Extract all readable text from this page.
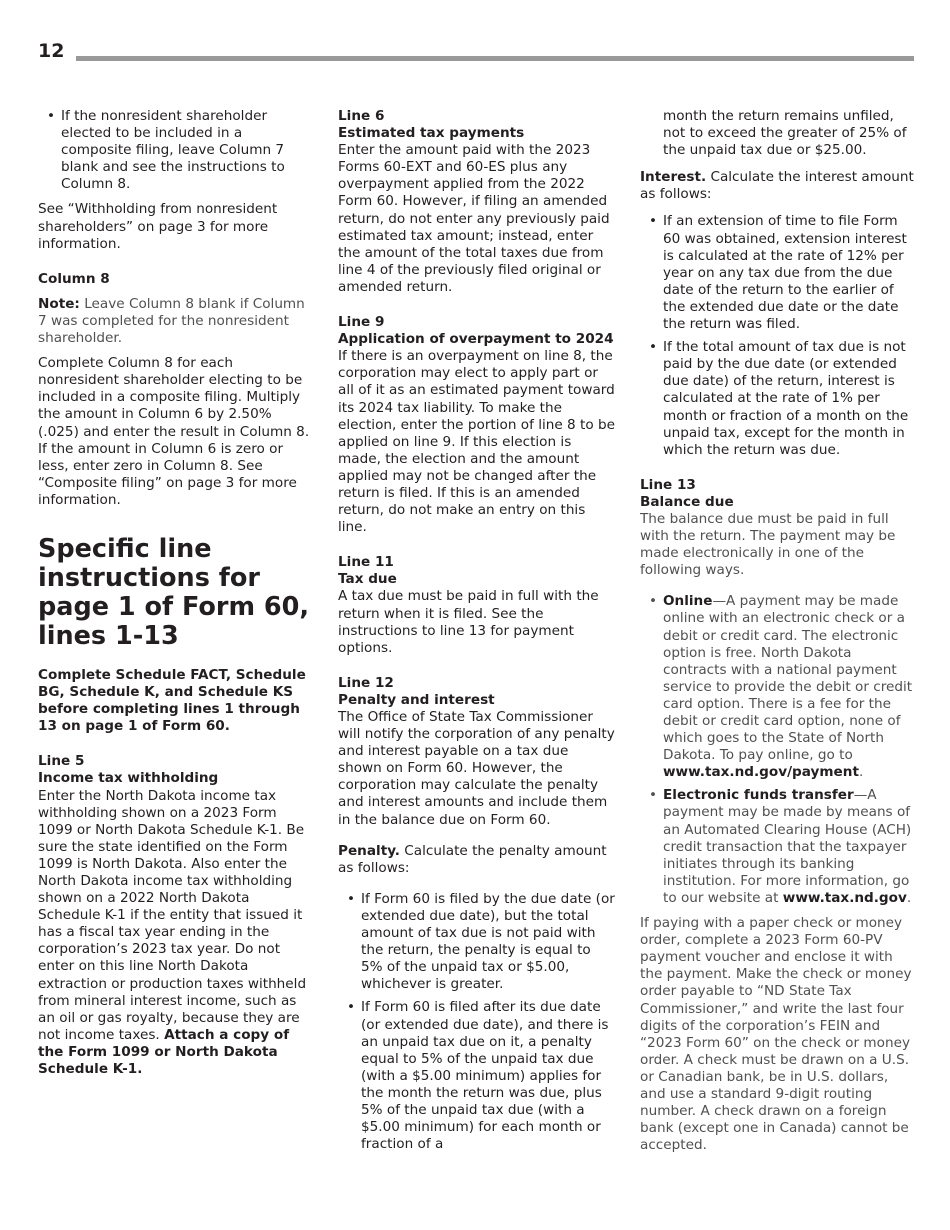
12
• If the nonresident shareholder elected to be included in a composite filing, leave Column 7 blank and see the instructions to Column 8.

See “Withholding from nonresident shareholders” on page 3 for more information.

Column 8

Note: Leave Column 8 blank if Column 7 was completed for the nonresident shareholder.

Complete Column 8 for each nonresident shareholder electing to be included in a composite filing. Multiply the amount in Column 6 by 2.50% (.025) and enter the result in Column 8. If the amount in Column 6 is zero or less, enter zero in Column 8. See “Composite filing” on page 3 for more information.

Specific line instructions for page 1 of Form 60, lines 1-13

Complete Schedule FACT, Schedule BG, Schedule K, and Schedule KS before completing lines 1 through 13 on page 1 of Form 60.

Line 5
Income tax withholding

Enter the North Dakota income tax withholding shown on a 2023 Form 1099 or North Dakota Schedule K-1. Be sure the state identified on the Form 1099 is North Dakota. Also enter the North Dakota income tax withholding shown on a 2022 North Dakota Schedule K-1 if the entity that issued it has a fiscal tax year ending in the corporation’s 2023 tax year. Do not enter on this line North Dakota extraction or production taxes withheld from mineral interest income, such as an oil or gas royalty, because they are not income taxes. Attach a copy of the Form 1099 or North Dakota Schedule K-1.

Line 6
Estimated tax payments

Enter the amount paid with the 2023 Forms 60-EXT and 60-ES plus any overpayment applied from the 2022 Form 60. However, if filing an amended return, do not enter any previously paid estimated tax amount; instead, enter the amount of the total taxes due from line 4 of the previously filed original or amended return.

Line 9
Application of overpayment to 2024

If there is an overpayment on line 8, the corporation may elect to apply part or all of it as an estimated payment toward its 2024 tax liability. To make the election, enter the portion of line 8 to be applied on line 9. If this election is made, the election and the amount applied may not be changed after the return is filed. If this is an amended return, do not make an entry on this line.

Line 11
Tax due

A tax due must be paid in full with the return when it is filed. See the instructions to line 13 for payment options.

Line 12
Penalty and interest

The Office of State Tax Commissioner will notify the corporation of any penalty and interest payable on a tax due shown on Form 60. However, the corporation may calculate the penalty and interest amounts and include them in the balance due on Form 60.

Penalty. Calculate the penalty amount as follows:

• If Form 60 is filed by the due date (or extended due date), but the total amount of tax due is not paid with the return, the penalty is equal to 5% of the unpaid tax or $5.00, whichever is greater.
• If Form 60 is filed after its due date (or extended due date), and there is an unpaid tax due on it, a penalty equal to 5% of the unpaid tax due (with a $5.00 minimum) applies for the month the return was due, plus 5% of the unpaid tax due (with a $5.00 minimum) for each month or fraction of a
month the return remains unfiled, not to exceed the greater of 25% of the unpaid tax due or $25.00.

Interest. Calculate the interest amount as follows:

• If an extension of time to file Form 60 was obtained, extension interest is calculated at the rate of 12% per year on any tax due from the due date of the return to the earlier of the extended due date or the date the return was filed.
• If the total amount of tax due is not paid by the due date (or extended due date) of the return, interest is calculated at the rate of 1% per month or fraction of a month on the unpaid tax, except for the month in which the return was due.
Line 13
Balance due

The balance due must be paid in full with the return. The payment may be made electronically in one of the following ways.

• Online—A payment may be made online with an electronic check or a debit or credit card. The electronic option is free. North Dakota contracts with a national payment service to provide the debit or credit card option. There is a fee for the debit or credit card option, none of which goes to the State of North Dakota. To pay online, go to www.tax.nd.gov/payment.
• Electronic funds transfer—A payment may be made by means of an Automated Clearing House (ACH) credit transaction that the taxpayer initiates through its banking institution. For more information, go to our website at www.tax.nd.gov.

If paying with a paper check or money order, complete a 2023 Form 60-PV payment voucher and enclose it with the payment. Make the check or money order payable to “ND State Tax Commissioner,” and write the last four digits of the corporation’s FEIN and “2023 Form 60” on the check or money order. A check must be drawn on a U.S. or Canadian bank, be in U.S. dollars, and use a standard 9-digit routing number. A check drawn on a foreign bank (except one in Canada) cannot be accepted.
